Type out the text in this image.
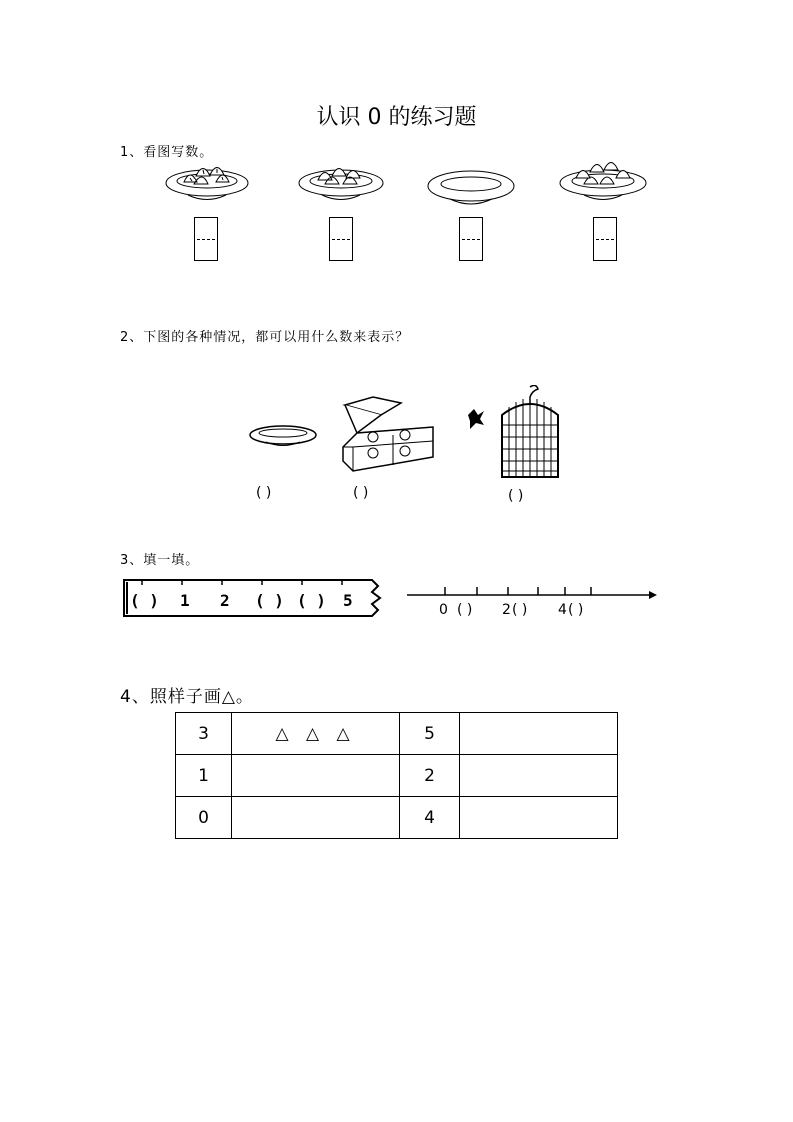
认识 0 的练习题
1、看图写数。
2、下图的各种情况，都可以用什么数来表示？
( )	( )	( )
3、填一填。
( ) 1 2 ( ) ( ) 5	0 ( ) 2 ( ) 4 ( )
4、照样子画△。
3	△ △ △	5	
1		2	
0		4	
